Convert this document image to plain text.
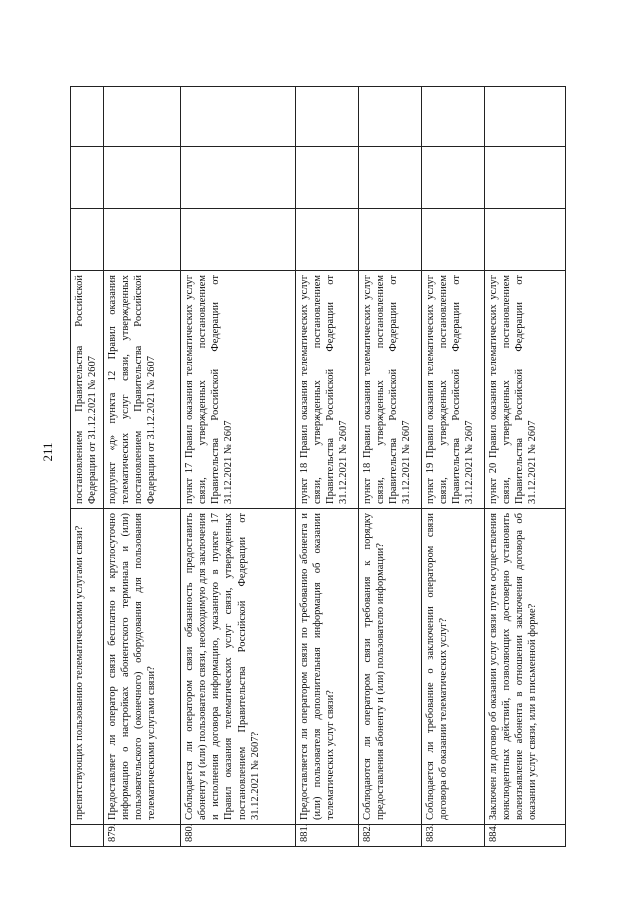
211
	препятствующих пользованию телематическими услугами связи?	постановлением Правительства Российской Федерации от 31.12.2021 № 2607			
879.	Предоставляет ли оператор связи бесплатно и круглосуточно информацию о настройках абонентского терминала и (или) пользовательского (оконечного) оборудования для пользования телематическими услугами связи?	подпункт «д» пункта 12 Правил оказания телематических услуг связи, утвержденных постановлением Правительства Российской Федерации от 31.12.2021 № 2607			
880.	Соблюдается ли оператором связи обязанность предоставить абоненту и (или) пользователю связи, необходимую для заключения и исполнения договора информацию, указанную в пункте 17 Правил оказания телематических услуг связи, утвержденных постановлением Правительства Российской Федерации от 31.12.2021 № 2607?	пункт 17 Правил оказания телематических услуг связи, утвержденных постановлением Правительства Российской Федерации от 31.12.2021 № 2607			
881.	Предоставляется ли оператором связи по требованию абонента и (или) пользователя дополнительная информация об оказании телематических услуг связи?	пункт 18 Правил оказания телематических услуг связи, утвержденных постановлением Правительства Российской Федерации от 31.12.2021 № 2607			
882.	Соблюдаются ли оператором связи требования к порядку предоставления абоненту и (или) пользователю информации?	пункт 18 Правил оказания телематических услуг связи, утвержденных постановлением Правительства Российской Федерации от 31.12.2021 № 2607			
883.	Соблюдается ли требование о заключении оператором связи договора об оказании телематических услуг?	пункт 19 Правил оказания телематических услуг связи, утвержденных постановлением Правительства Российской Федерации от 31.12.2021 № 2607			
884.	Заключен ли договор об оказании услуг связи путем осуществления конклюдентных действий, позволяющих достоверно установить волеизъявление абонента в отношении заключения договора об оказании услуг связи, или в письменной форме?	пункт 20 Правил оказания телематических услуг связи, утвержденных постановлением Правительства Российской Федерации от 31.12.2021 № 2607			
